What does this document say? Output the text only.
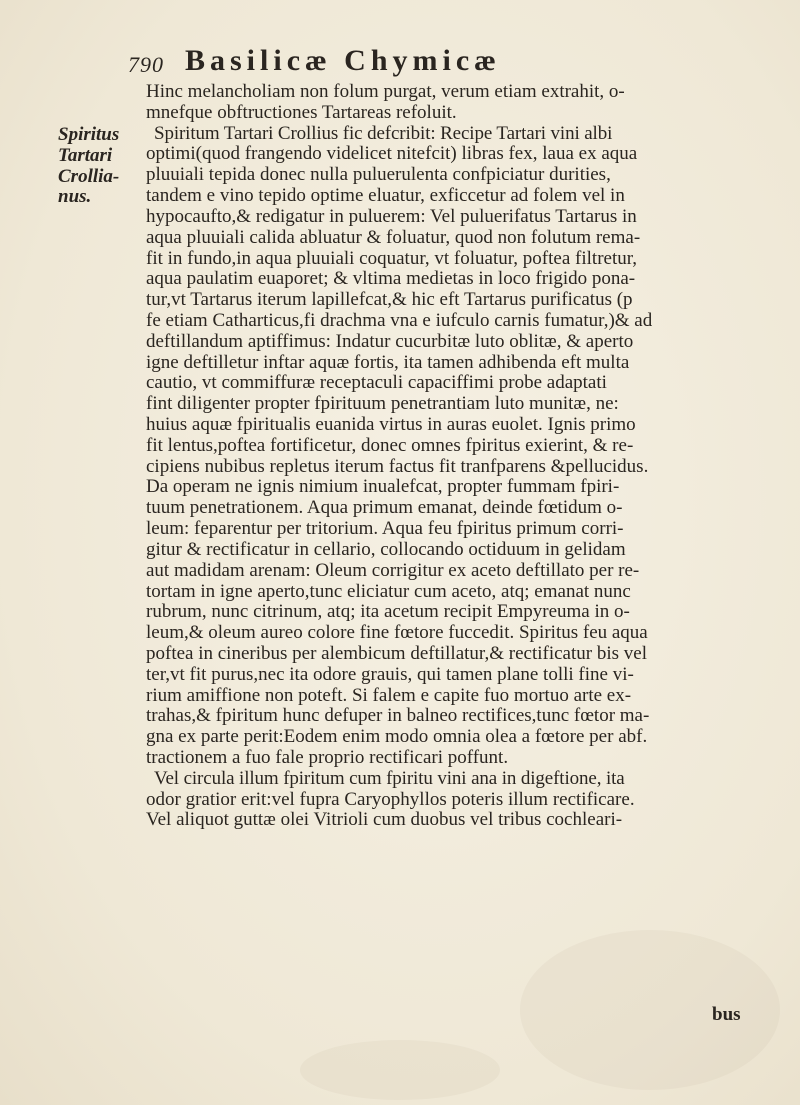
790 Basilicæ Chymicæ
Spiritus
Tartari
Crollia-
nus.
Hinc melancholiam non folum purgat, verum etiam extrahit, o-
mnefque obftructiones Tartareas refoluit.
Spiritum Tartari Crollius fic defcribit: Recipe Tartari vini albi
optimi(quod frangendo videlicet nitefcit) libras fex, laua ex aqua
pluuiali tepida donec nulla puluerulenta confpiciatur durities,
tandem e vino tepido optime eluatur, exficcetur ad folem vel in
hypocaufto,& redigatur in puluerem: Vel puluerifatus Tartarus in
aqua pluuiali calida abluatur & foluatur, quod non folutum rema-
fit in fundo,in aqua pluuiali coquatur, vt foluatur, poftea filtretur,
aqua paulatim euaporet; & vltima medietas in loco frigido pona-
tur,vt Tartarus iterum lapillefcat,& hic eft Tartarus purificatus (p
fe etiam Catharticus,fi drachma vna e iufculo carnis fumatur,)& ad
deftillandum aptiffimus: Indatur cucurbitæ luto oblitæ, & aperto
igne deftilletur inftar aquæ fortis, ita tamen adhibenda eft multa
cautio, vt commiffuræ receptaculi capaciffimi probe adaptati
fint diligenter propter fpirituum penetrantiam luto munitæ, ne:
huius aquæ fpiritualis euanida virtus in auras euolet. Ignis primo
fit lentus,poftea fortificetur, donec omnes fpiritus exierint, & re-
cipiens nubibus repletus iterum factus fit tranfparens &pellucidus.
Da operam ne ignis nimium inualefcat, propter fummam fpiri-
tuum penetrationem. Aqua primum emanat, deinde fœtidum o-
leum: feparentur per tritorium. Aqua feu fpiritus primum corri-
gitur & rectificatur in cellario, collocando octiduum in gelidam
aut madidam arenam: Oleum corrigitur ex aceto deftillato per re-
tortam in igne aperto,tunc eliciatur cum aceto, atq; emanat nunc
rubrum, nunc citrinum, atq; ita acetum recipit Empyreuma in o-
leum,& oleum aureo colore fine fœtore fuccedit. Spiritus feu aqua
poftea in cineribus per alembicum deftillatur,& rectificatur bis vel
ter,vt fit purus,nec ita odore grauis, qui tamen plane tolli fine vi-
rium amiffione non poteft. Si falem e capite fuo mortuo arte ex-
trahas,& fpiritum hunc defuper in balneo rectifices,tunc fœtor ma-
gna ex parte perit:Eodem enim modo omnia olea a fœtore per abf.
tractionem a fuo fale proprio rectificari poffunt.
Vel circula illum fpiritum cum fpiritu vini ana in digeftione, ita
odor gratior erit:vel fupra Caryophyllos poteris illum rectificare.
Vel aliquot guttæ olei Vitrioli cum duobus vel tribus cochleari-
bus
